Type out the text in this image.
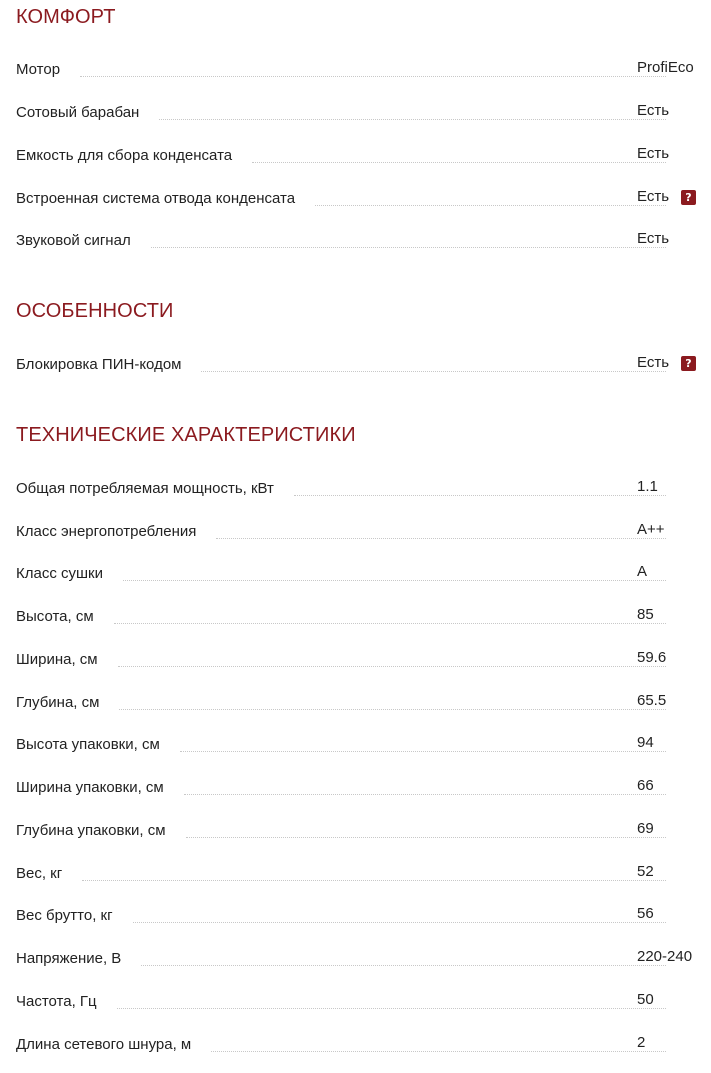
КОМФОРТ
Мотор	ProfiEco
Сотовый барабан	Есть
Емкость для сбора конденсата	Есть
Встроенная система отвода конденсата	Есть	?
Звуковой сигнал	Есть
ОСОБЕННОСТИ
Блокировка ПИН-кодом	Есть	?
ТЕХНИЧЕСКИЕ ХАРАКТЕРИСТИКИ
Общая потребляемая мощность, кВт	1.1
Класс энергопотребления	A++
Класс сушки	A
Высота, см	85
Ширина, см	59.6
Глубина, см	65.5
Высота упаковки, см	94
Ширина упаковки, см	66
Глубина упаковки, см	69
Вес, кг	52
Вес брутто, кг	56
Напряжение, В	220-240
Частота, Гц	50
Длина сетевого шнура, м	2
